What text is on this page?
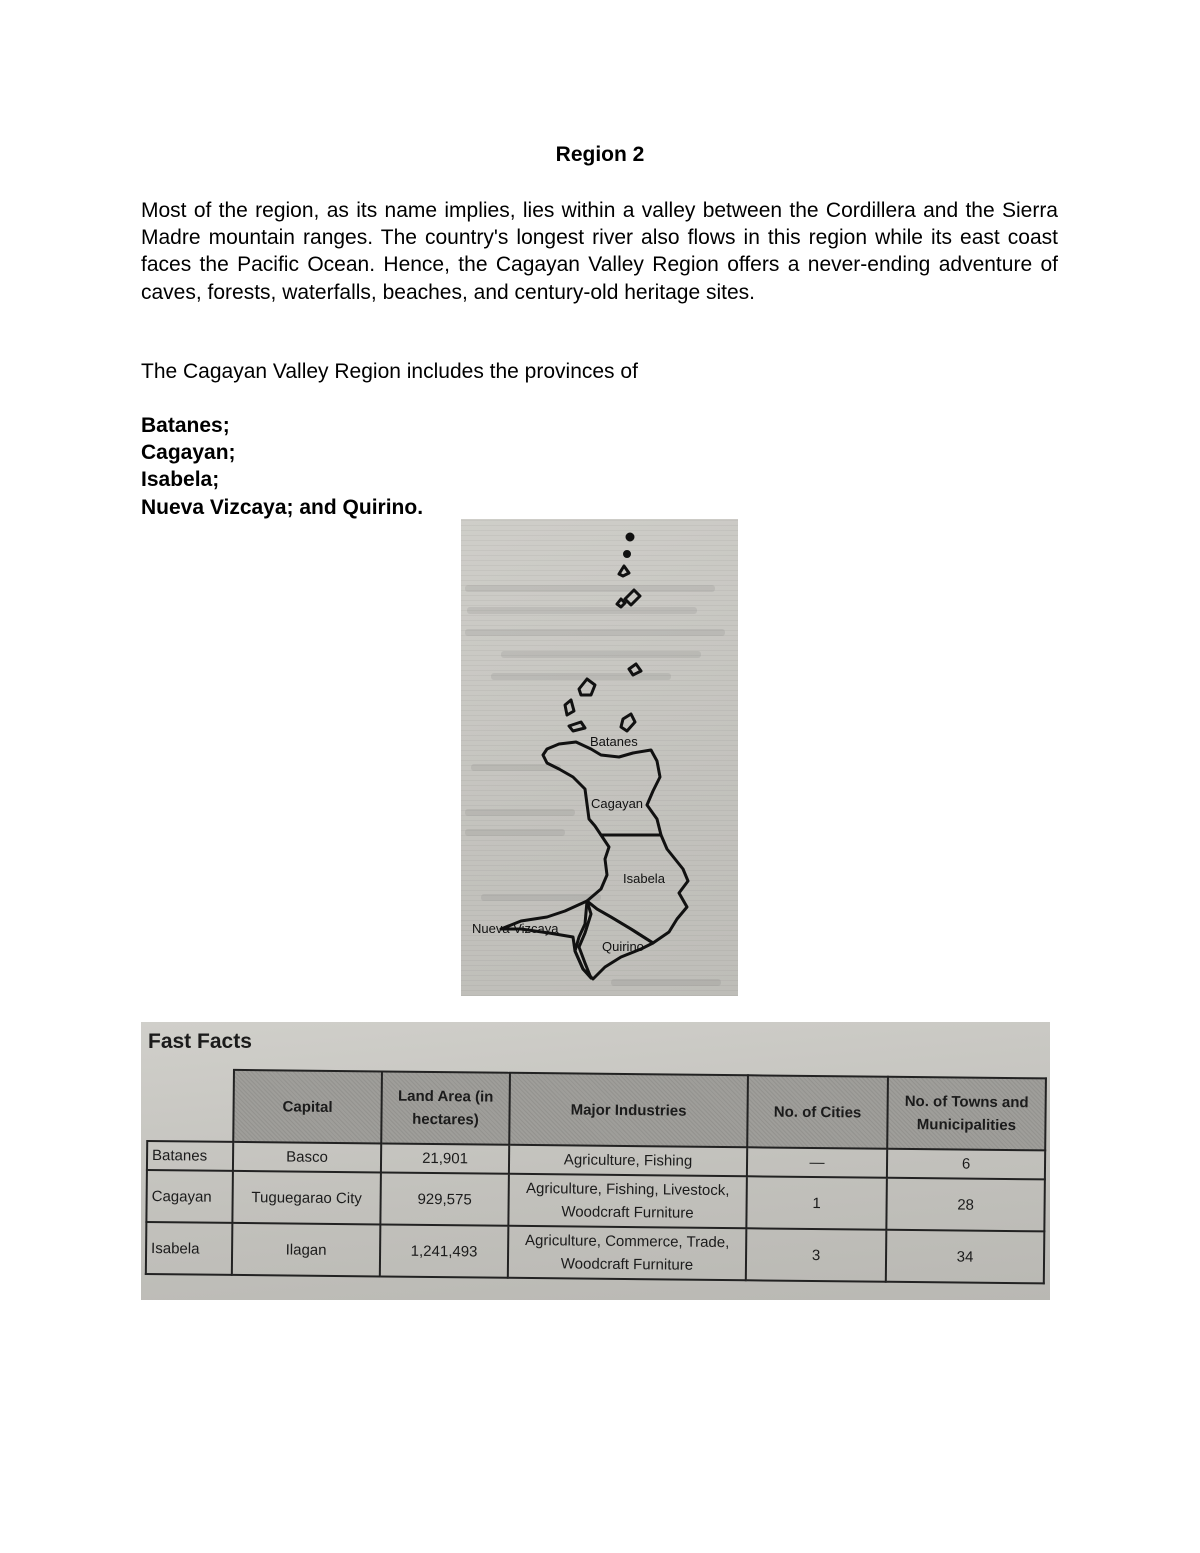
Region 2

Most of the region, as its name implies, lies within a valley between the Cordillera and the Sierra Madre mountain ranges. The country's longest river also flows in this region while its east coast faces the Pacific Ocean. Hence, the Cagayan Valley Region offers a never-ending adventure of caves, forests, waterfalls, beaches, and century-old heritage sites.

The Cagayan Valley Region includes the provinces of

Batanes;
Cagayan;
Isabela;
Nueva Vizcaya; and Quirino.
Batanes
Cagayan
Isabela
Nueva Vizcaya
Quirino
Fast Facts
	Capital	Land Area (in hectares)	Major Industries	No. of Cities	No. of Towns and Municipalities
Batanes	Basco	21,901	Agriculture, Fishing	—	6
Cagayan	Tuguegarao City	929,575	Agriculture, Fishing, Livestock, Woodcraft Furniture	1	28
Isabela	Ilagan	1,241,493	Agriculture, Commerce, Trade, Woodcraft Furniture	3	34
